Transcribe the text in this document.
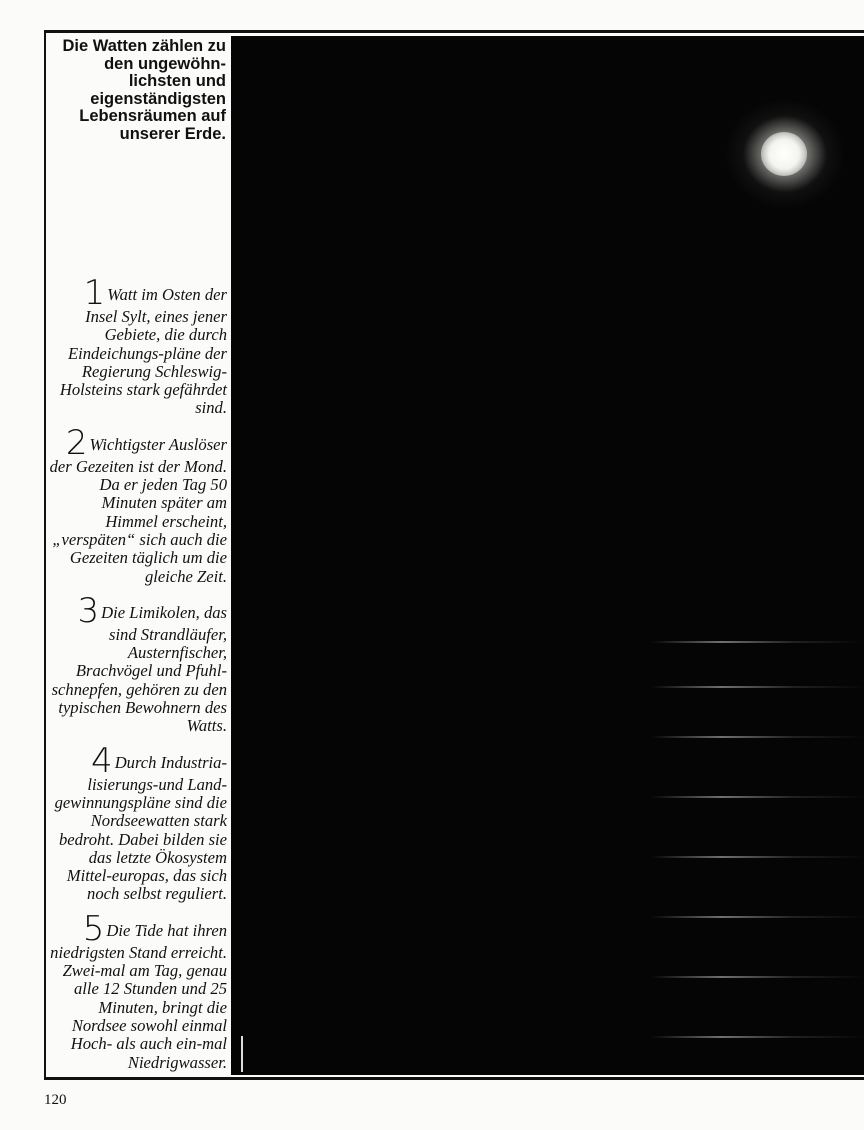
Die Watten zählen zu den ungewöhn-lichsten und eigenständigsten Lebensräumen auf unserer Erde.
1 Watt im Osten der Insel Sylt, eines jener Gebiete, die durch Eindeichungs-pläne der Regierung Schleswig-Holsteins stark gefährdet sind.
2 Wichtigster Auslöser der Gezeiten ist der Mond. Da er jeden Tag 50 Minuten später am Himmel erscheint, „verspäten“ sich auch die Gezeiten täglich um die gleiche Zeit.
3 Die Limikolen, das sind Strandläufer, Austernfischer, Brachvögel und Pfuhl-schnepfen, gehören zu den typischen Bewohnern des Watts.
4 Durch Industria-lisierungs-und Land-gewinnungspläne sind die Nordseewatten stark bedroht. Dabei bilden sie das letzte Ökosystem Mittel-europas, das sich noch selbst reguliert.
5 Die Tide hat ihren niedrigsten Stand erreicht. Zwei-mal am Tag, genau alle 12 Stunden und 25 Minuten, bringt die Nordsee sowohl einmal Hoch- als auch ein-mal Niedrigwasser.
120
